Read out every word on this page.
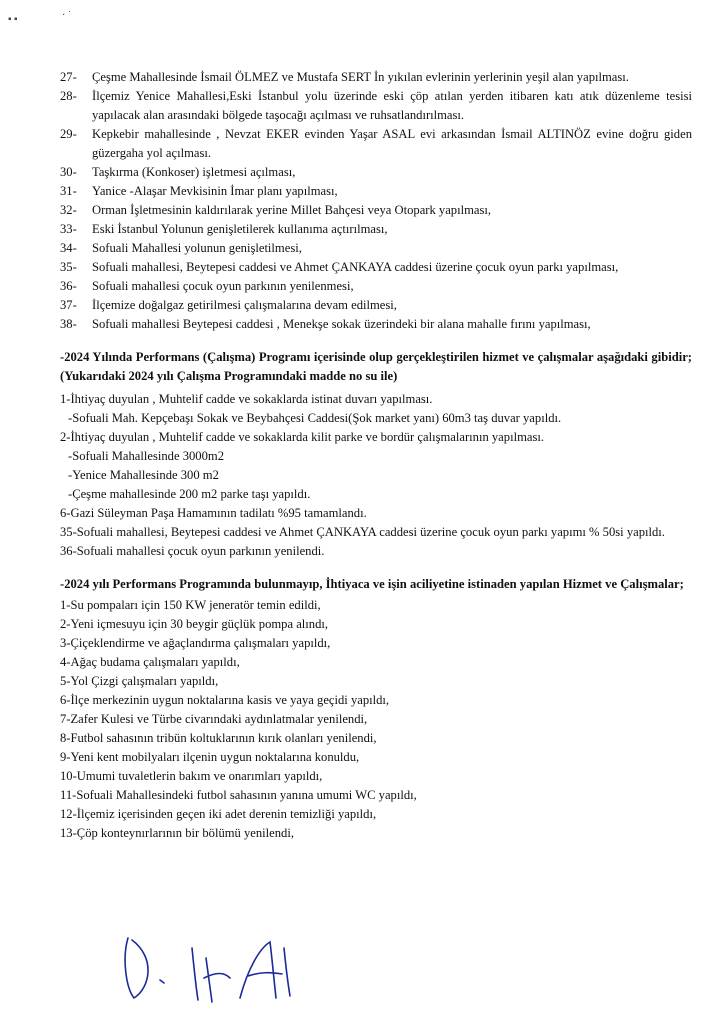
▪ ▪	· ˙
27-	Çeşme Mahallesinde İsmail ÖLMEZ ve Mustafa SERT İn yıkılan evlerinin yerlerinin yeşil alan yapılması.
28-	İlçemiz Yenice Mahallesi,Eski İstanbul yolu üzerinde eski çöp atılan yerden itibaren katı atık düzenleme tesisi yapılacak alan arasındaki bölgede taşocağı açılması ve ruhsatlandırılması.
29-	Kepkebir mahallesinde , Nevzat EKER evinden Yaşar ASAL evi arkasından İsmail ALTINÖZ evine doğru giden güzergaha yol açılması.
30-	Taşkırma (Konkoser) işletmesi açılması,
31-	Yanice -Alaşar Mevkisinin İmar planı yapılması,
32-	Orman İşletmesinin kaldırılarak yerine Millet Bahçesi veya Otopark yapılması,
33-	Eski İstanbul Yolunun genişletilerek kullanıma açtırılması,
34-	Sofuali Mahallesi yolunun genişletilmesi,
35-	Sofuali mahallesi, Beytepesi caddesi ve Ahmet ÇANKAYA caddesi üzerine çocuk oyun parkı yapılması,
36-	Sofuali mahallesi çocuk oyun parkının yenilenmesi,
37-	İlçemize doğalgaz getirilmesi çalışmalarına devam edilmesi,
38-	Sofuali mahallesi Beytepesi caddesi , Menekşe sokak üzerindeki bir alana mahalle fırını yapılması,
-2024 Yılında Performans (Çalışma) Programı içerisinde olup gerçekleştirilen hizmet ve çalışmalar aşağıdaki gibidir; (Yukarıdaki 2024 yılı Çalışma Programındaki madde no su ile)
1-İhtiyaç duyulan , Muhtelif cadde ve sokaklarda istinat duvarı yapılması.
-Sofuali Mah. Kepçebaşı Sokak ve Beybahçesi Caddesi(Şok market yanı) 60m3 taş duvar yapıldı.
2-İhtiyaç duyulan , Muhtelif cadde ve sokaklarda kilit parke ve bordür çalışmalarının yapılması.
-Sofuali Mahallesinde 3000m2
-Yenice Mahallesinde 300 m2
-Çeşme mahallesinde 200 m2 parke taşı yapıldı.
6-Gazi Süleyman Paşa Hamamının tadilatı %95 tamamlandı.
35-Sofuali mahallesi, Beytepesi caddesi ve Ahmet ÇANKAYA caddesi üzerine çocuk oyun parkı yapımı % 50si yapıldı.
36-Sofuali mahallesi çocuk oyun parkının yenilendi.
-2024 yılı Performans Programında bulunmayıp, İhtiyaca ve işin aciliyetine istinaden yapılan Hizmet ve Çalışmalar;
1-Su pompaları için 150 KW jeneratör temin edildi,
2-Yeni içmesuyu için 30 beygir güçlük pompa alındı,
3-Çiçeklendirme ve ağaçlandırma çalışmaları yapıldı,
4-Ağaç budama çalışmaları yapıldı,
5-Yol Çizgi çalışmaları yapıldı,
6-İlçe merkezinin uygun noktalarına kasis ve yaya geçidi yapıldı,
7-Zafer Kulesi ve Türbe civarındaki aydınlatmalar yenilendi,
8-Futbol sahasının tribün koltuklarının kırık olanları yenilendi,
9-Yeni kent mobilyaları ilçenin uygun noktalarına konuldu,
10-Umumi tuvaletlerin bakım ve onarımları yapıldı,
11-Sofuali Mahallesindeki futbol sahasının yanına umumi WC yapıldı,
12-İlçemiz içerisinden geçen iki adet derenin temizliği yapıldı,
13-Çöp konteynırlarının bir bölümü yenilendi,
